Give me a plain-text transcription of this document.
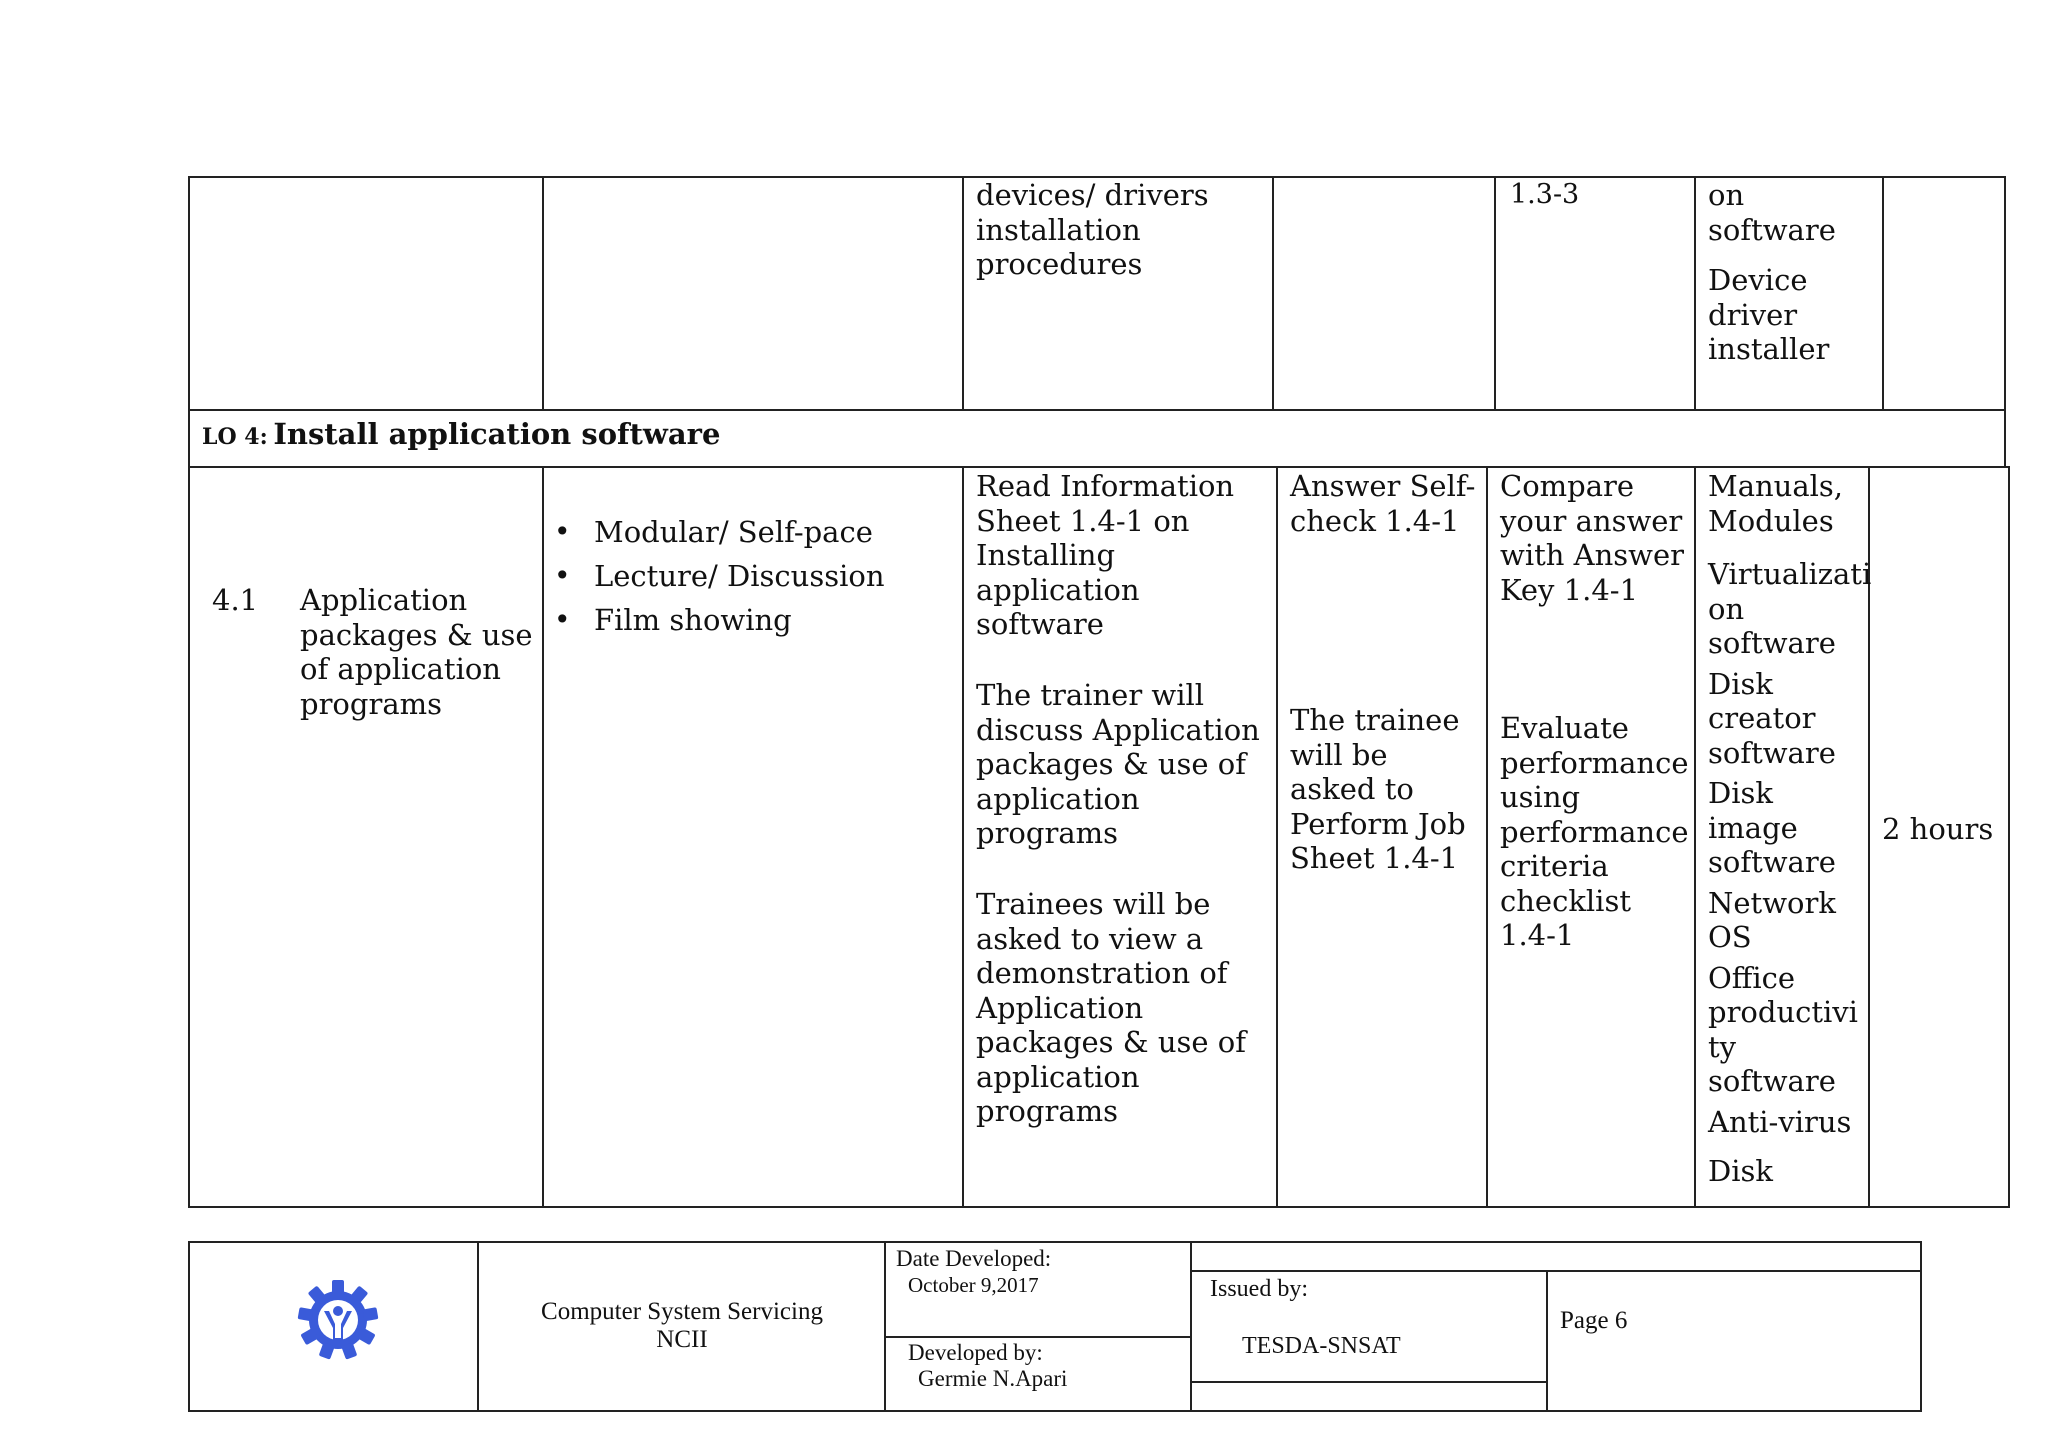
devices/ drivers
installation
procedures
1.3-3	on
software
Device
driver
installer
LO 4: Install application software
4.1 Application
packages & use
of application
programs
• Modular/ Self-pace
• Lecture/ Discussion
• Film showing
Read Information
Sheet 1.4-1 on
Installing
application
software
The trainer will
discuss Application
packages & use of
application
programs
Trainees will be
asked to view a
demonstration of
Application
packages & use of
application
programs
Answer Self-
check 1.4-1
The trainee
will be
asked to
Perform Job
Sheet 1.4-1
Compare
your answer
with Answer
Key 1.4-1
Evaluate
performance
using
performance
criteria
checklist
1.4-1
Manuals,
Modules
Virtualizati
on
software
Disk
creator
software
Disk
image
software
Network
OS
Office
productivi
ty
software
Anti-virus
Disk
2 hours
Computer System Servicing
NCII
Date Developed:
October 9,2017
Developed by:
Germie N.Apari
Issued by:
TESDA-SNSAT
Page 6
